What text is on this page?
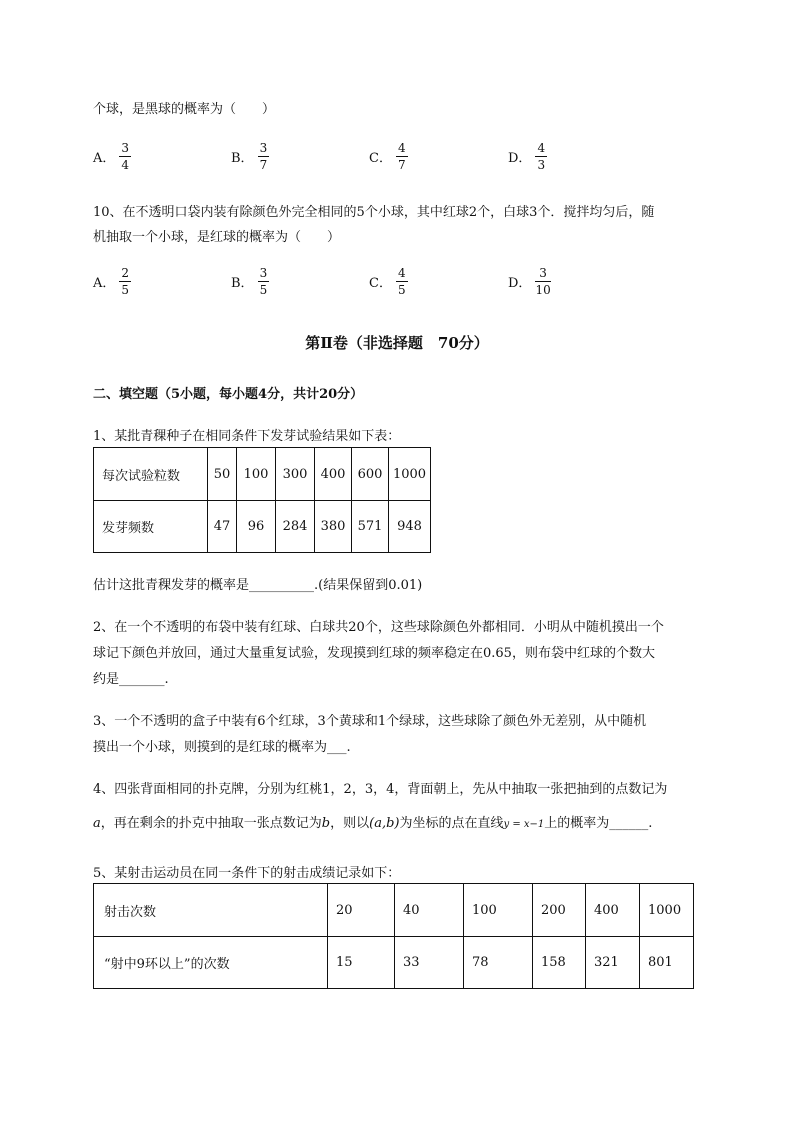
个球，是黑球的概率为（　　）
A． $\frac{3}{4}$	B． $\frac{3}{7}$	C． $\frac{4}{7}$	D． $\frac{4}{3}$
10、在不透明口袋内装有除颜色外完全相同的5个小球，其中红球2个，白球3个．搅拌均匀后，随
机抽取一个小球，是红球的概率为（　　）
A． $\frac{2}{5}$	B． $\frac{3}{5}$	C． $\frac{4}{5}$	D． $\frac{3}{10}$
第Ⅱ卷（非选择题　70分）
二、填空题（5小题，每小题4分，共计20分）
1、某批青稞种子在相同条件下发芽试验结果如下表：
每次试验粒数	50	100	300	400	600	1000
发芽频数	47	96	284	380	571	948
估计这批青稞发芽的概率是__________.(结果保留到0.01)
2、在一个不透明的布袋中装有红球、白球共20个，这些球除颜色外都相同．小明从中随机摸出一个
球记下颜色并放回，通过大量重复试验，发现摸到红球的频率稳定在0.65，则布袋中红球的个数大
约是_______.
3、一个不透明的盒子中装有6个红球，3个黄球和1个绿球，这些球除了颜色外无差别，从中随机
摸出一个小球，则摸到的是红球的概率为___.
4、四张背面相同的扑克牌，分别为红桃1，2，3，4，背面朝上，先从中抽取一张把抽到的点数记为
a，再在剩余的扑克中抽取一张点数记为b，则以(a,b)为坐标的点在直线y = x−1上的概率为______.
5、某射击运动员在同一条件下的射击成绩记录如下：
射击次数	20	40	100	200	400	1000
“射中9环以上”的次数	15	33	78	158	321	801
